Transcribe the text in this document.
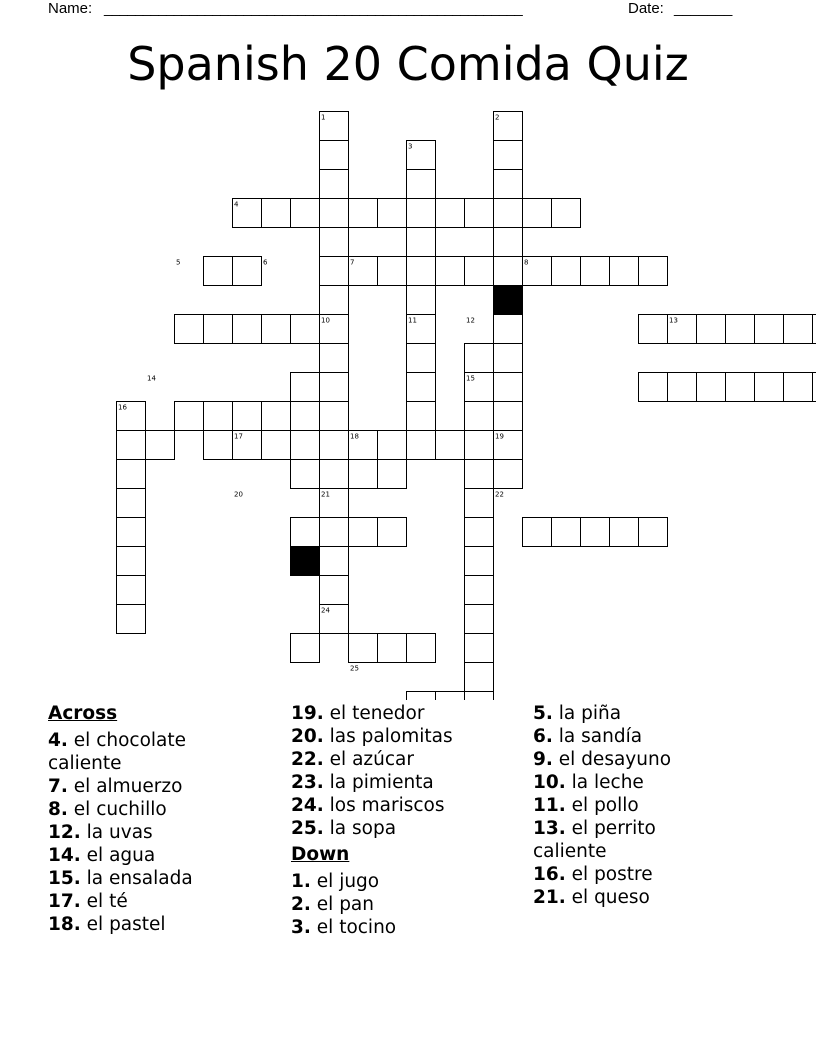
Name: ______________________________________________________	Date: _______
Spanish 20 Comida Quiz
1	2
3
4
5	6	7	8
9
10	11	12	13
14	15
16
17	18	19
20	21	22
23
24
25
Across
4. el chocolate caliente
7. el almuerzo
8. el cuchillo
12. la uvas
14. el agua
15. la ensalada
17. el té
18. el pastel
19. el tenedor
20. las palomitas
22. el azúcar
23. la pimienta
24. los mariscos
25. la sopa
Down
1. el jugo
2. el pan
3. el tocino
5. la piña
6. la sandía
9. el desayuno
10. la leche
11. el pollo
13. el perrito caliente
16. el postre
21. el queso
